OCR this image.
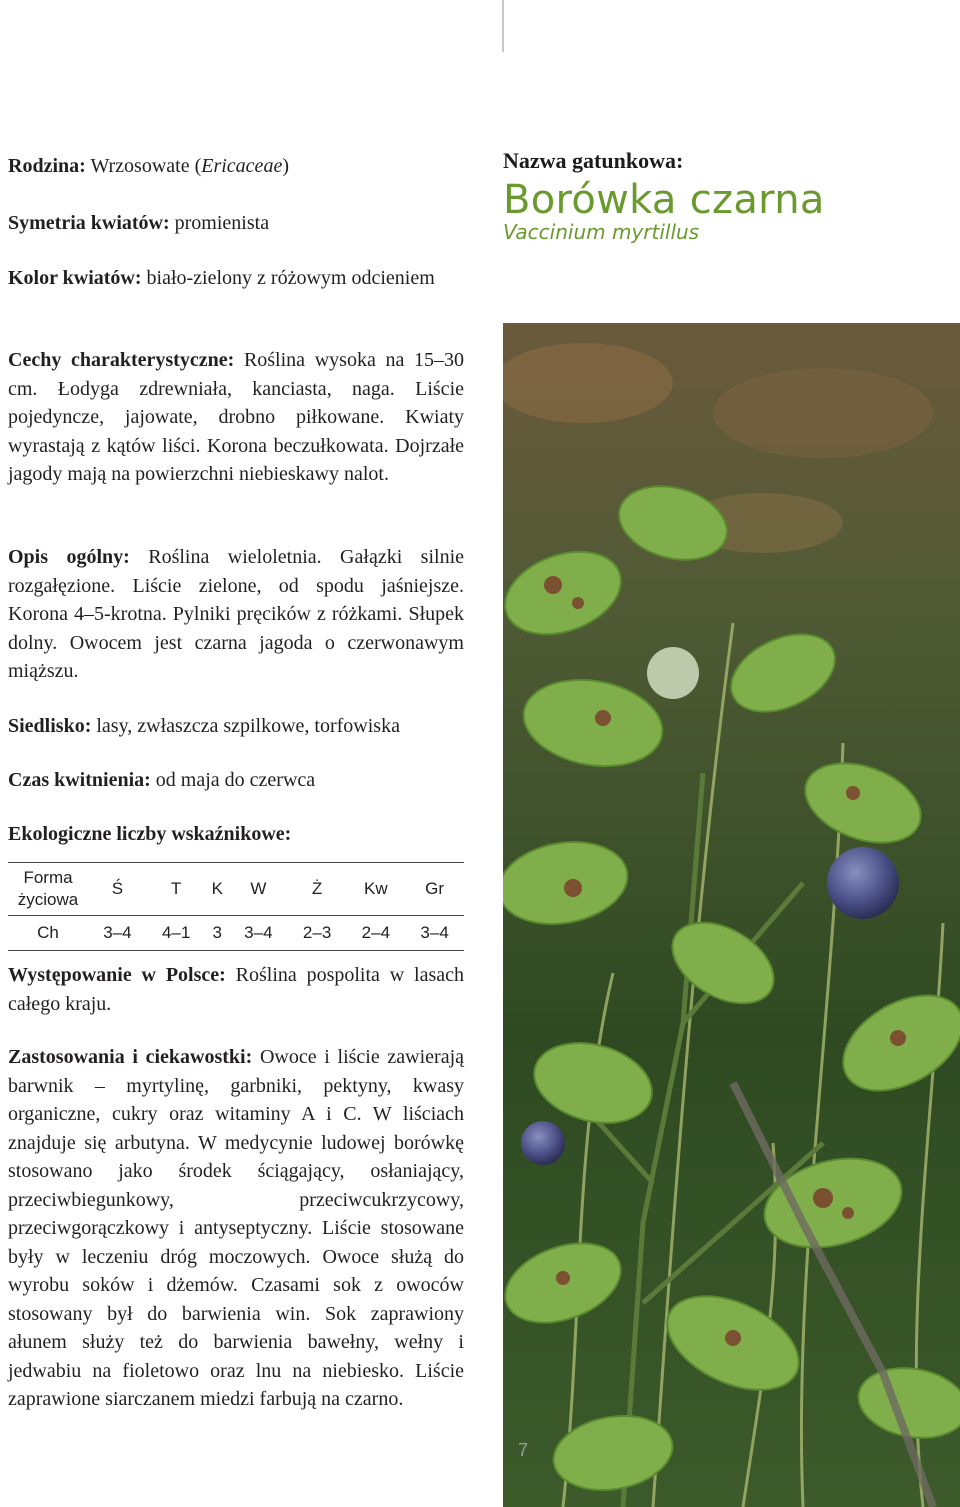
Nazwa gatunkowa:
Borówka czarna
Vaccinium myrtillus

Rodzina: Wrzosowate (Ericaceae)

Symetria kwiatów: promienista

Kolor kwiatów: biało-zielony z różowym odcieniem

Cechy charakterystyczne: Roślina wysoka na 15–30 cm. Łodyga zdrewniała, kanciasta, naga. Liście pojedyncze, jajowate, drobno piłkowane. Kwiaty wyrastają z kątów liści. Korona beczułkowata. Dojrzałe jagody mają na powierzchni niebieskawy nalot.

Opis ogólny: Roślina wieloletnia. Gałązki silnie rozgałęzione. Liście zielone, od spodu jaśniejsze. Korona 4–5-krotna. Pylniki pręcików z różkami. Słupek dolny. Owocem jest czarna jagoda o czerwonawym miąższu.

Siedlisko: lasy, zwłaszcza szpilkowe, torfowiska

Czas kwitnienia: od maja do czerwca

Ekologiczne liczby wskaźnikowe:

Forma życiowa	Ś	T	K	W	Ż	Kw	Gr
Ch	3–4	4–1	3	3–4	2–3	2–4	3–4

Występowanie w Polsce: Roślina pospolita w lasach całego kraju.

Zastosowania i ciekawostki: Owoce i liście zawierają barwnik – myrtylinę, garbniki, pektyny, kwasy organiczne, cukry oraz witaminy A i C. W liściach znajduje się arbutyna. W medycynie ludowej borówkę stosowano jako środek ściągający, osłaniający, przeciwbiegunkowy, przeciwcukrzycowy, przeciwgorączkowy i antyseptyczny. Liście stosowane były w leczeniu dróg moczowych. Owoce służą do wyrobu soków i dżemów. Czasami sok z owoców stosowany był do barwienia win. Sok zaprawiony ałunem służy też do barwienia bawełny, wełny i jedwabiu na fioletowo oraz lnu na niebiesko. Liście zaprawione siarczanem miedzi farbują na czarno.

7
